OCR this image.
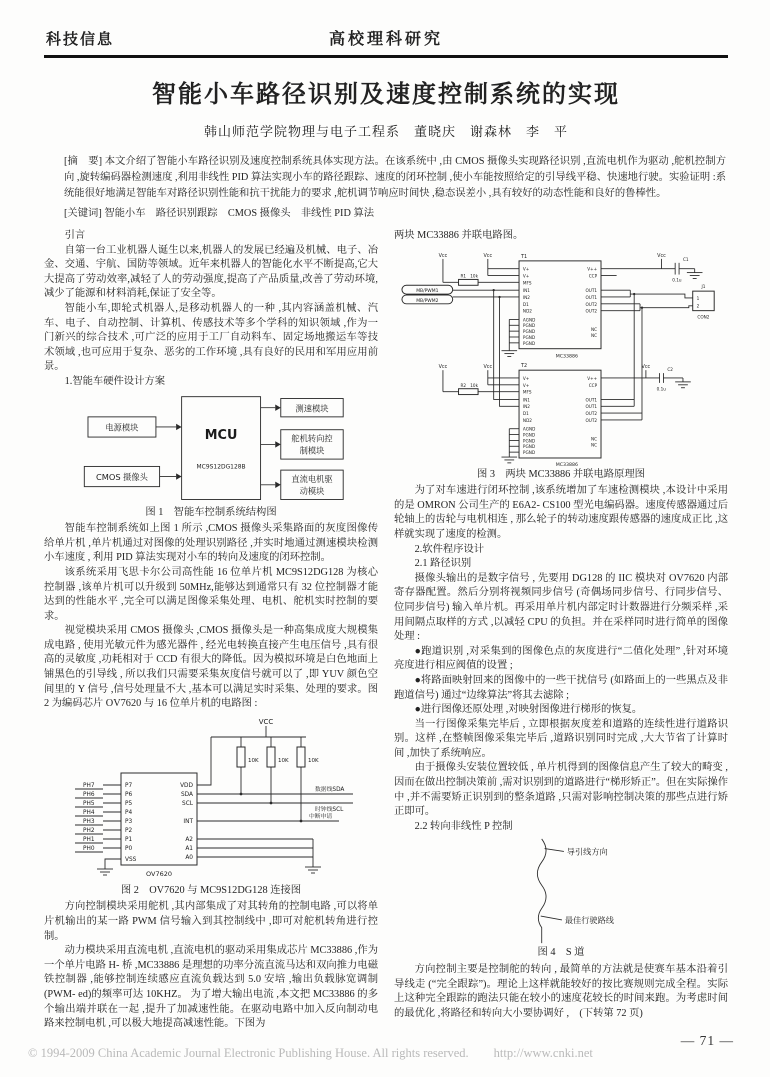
科技信息	高校理科研究
智能小车路径识别及速度控制系统的实现
韩山师范学院物理与电子工程系　董晓庆　谢森林　李　平
[摘　要] 本文介绍了智能小车路径识别及速度控制系统具体实现方法。在该系统中 ,由 CMOS 摄像头实现路径识别 ,直流电机作为驱动 ,舵机控制方向 ,旋转编码器检测速度 ,利用非线性 PID 算法实现小车的路径跟踪、速度的闭环控制 ,使小车能按照给定的引导线平稳、快速地行驶。实验证明 :系统能很好地满足智能车对路径识别性能和抗干扰能力的要求 ,舵机调节响应时间快 ,稳态误差小 ,具有较好的动态性能和良好的鲁棒性。
[关键词] 智能小车　路径识别跟踪　CMOS 摄像头　非线性 PID 算法

引言

自第一台工业机器人诞生以来,机器人的发展已经遍及机械、电子、冶金、交通、宇航、国防等领域。近年来机器人的智能化水平不断提高,它大大提高了劳动效率,减轻了人的劳动强度,提高了产品质量,改善了劳动环境,减少了能源和材料消耗,保证了安全等。

智能小车,即轮式机器人,是移动机器人的一种 ,其内容涵盖机械、汽车、电子、自动控制、计算机、传感技术等多个学科的知识领域 ,作为一门新兴的综合技术 ,可广泛的应用于工厂自动料车、固定场地搬运车等技术领域 ,也可应用于复杂、恶劣的工作环境 ,具有良好的民用和军用应用前景。

1.智能车硬件设计方案

电源模块
CMOS 摄像头
MCU
MC9S12DG128B
测速模块
舵机转向控
制模块
直流电机驱
动模块
图 1　智能车控制系统结构图

智能车控制系统如上图 1 所示 ,CMOS 摄像头采集路面的灰度图像传给单片机 ,单片机通过对图像的处理识别路径 ,并实时地通过测速模块检测小车速度 , 利用 PID 算法实现对小车的转向及速度的闭环控制。

该系统采用飞思卡尔公司高性能 16 位单片机 MC9S12DG128 为核心控制器 ,该单片机可以升级到 50MHz,能够达到通常只有 32 位控制器才能达到的性能水平 ,完全可以满足图像采集处理、电机、舵机实时控制的要求。

视觉模块采用 CMOS 摄像头 ,CMOS 摄像头是一种高集成度大规模集成电路 , 使用光敏元件为感光器件 , 经光电转换直接产生电压信号 ,具有很高的灵敏度 ,功耗相对于 CCD 有很大的降低。因为模拟环境是白色地面上铺黑色的引导线 , 所以我们只需要采集灰度信号就可以了 ,即 YUV 颜色空间里的 Y 信号 ,信号处理量不大 ,基本可以满足实时采集、处理的要求。图 2 为编码芯片 OV7620 与 16 位单片机的电路图 :

VCC
10K	10K	10K
P7
P6
P5
P4
P3
P2
P1
P0
VSS
VDD
SDA
SCL
INT
A2
A1
A0
PH7
PH6
PH5
PH4
PH3
PH2
PH1
PH0
数据线SDA
时钟线SCL
中断申请
OV7620
图 2　OV7620 与 MC9S12DG128 连接图

方向控制模块采用舵机 ,其内部集成了对其转角的控制电路 ,可以将单片机输出的某一路 PWM 信号输入到其控制线中 ,即可对舵机转角进行控制。

动力模块采用直流电机 ,直流电机的驱动采用集成芯片 MC33886 ,作为一个单片电路 H- 桥 ,MC33886 是理想的功率分流直流马达和双向推力电磁铁控制器 ,能够控制连续感应直流负载达到 5.0 安培 ,输出负载脉宽调制(PWM- ed)的频率可达 10KHZ。 为了增大输出电流 ,本文把 MC33886 的多个输出端并联在一起 ,提升了加减速性能。在驱动电路中加入反向制动电路来控制电机 ,可以极大地提高减速性能。下图为

两块 MC33886 并联电路图。

Vcc	Vcc	Vcc
MB/PWM1
MB/PWM2
R1 10k
T1
V+
V+
MFS
IN1
IN2
D1
ND2
AGND
PGND
PGND
PGND
PGND
V++
CCP
OUT1
OUT1
OUT2
OUT2
NC
NC
MC33886
C1
0.1u
J1
1
2
CON2
Vcc	Vcc	Vcc
R2 10k
T2
V+
V+
MFS
IN1
IN2
D1
ND2
AGND
PGND
PGND
PGND
PGND
V++
CCP
OUT1
OUT1
OUT2
OUT2
NC
NC
MC33886
C2
0.1u
图 3　两块 MC33886 并联电路原理图

为了对车速进行闭环控制 ,该系统增加了车速检测模块 ,本设计中采用的是 OMRON 公司生产的 E6A2- CS100 型光电编码器。速度传感器通过后轮轴上的齿轮与电机相连 , 那么轮子的转动速度跟传感器的速度成正比 ,这样就实现了速度的检测。

2.软件程序设计

2.1 路径识别

摄像头输出的是数字信号 , 先要用 DG128 的 IIC 模块对 OV7620 内部寄存器配置。然后分别将视频同步信号 (奇偶场同步信号、行同步信号、位同步信号) 输入单片机。再采用单片机内部定时计数器进行分频采样 ,采用间隔点取样的方式 ,以减轻 CPU 的负担。并在采样同时进行简单的图像处理 :

●跑道识别 ,对采集到的图像色点的灰度进行“二值化处理” ,针对环境亮度进行相应阀值的设置 ;

●将路面映射回来的图像中的一些干扰信号 (如路面上的一些黑点及非跑道信号) 通过“边缘算法”将其去滤除 ;

●进行图像还原处理 ,对映射图像进行梯形的恢复。

当一行图像采集完毕后 , 立即根据灰度差和道路的连续性进行道路识别。这样 ,在整帧图像采集完毕后 ,道路识别同时完成 ,大大节省了计算时间 ,加快了系统响应。

由于摄像头安装位置较低 , 单片机得到的图像信息产生了较大的畸变 ,因而在做出控制决策前 ,需对识别到的道路进行“梯形矫正”。但在实际操作中 ,并不需要矫正识别到的整条道路 ,只需对影响控制决策的那些点进行矫正即可。

2.2 转向非线性 P 控制

导引线方向
最佳行驶路线
图 4　S 道

方向控制主要是控制舵的转向 , 最简单的方法就是使赛车基本沿着引导线走 (“完全跟踪”)。理论上这样就能较好的按比赛规则完成全程。实际上这种完全跟踪的跑法只能在较小的速度花较长的时间来跑。为考虑时间的最优化 ,将路径和转向大小要协调好 ,　(下转第 72 页)

© 1994-2009 China Academic Journal Electronic Publishing House. All rights reserved.　　http://www.cnki.net
— 71 —
